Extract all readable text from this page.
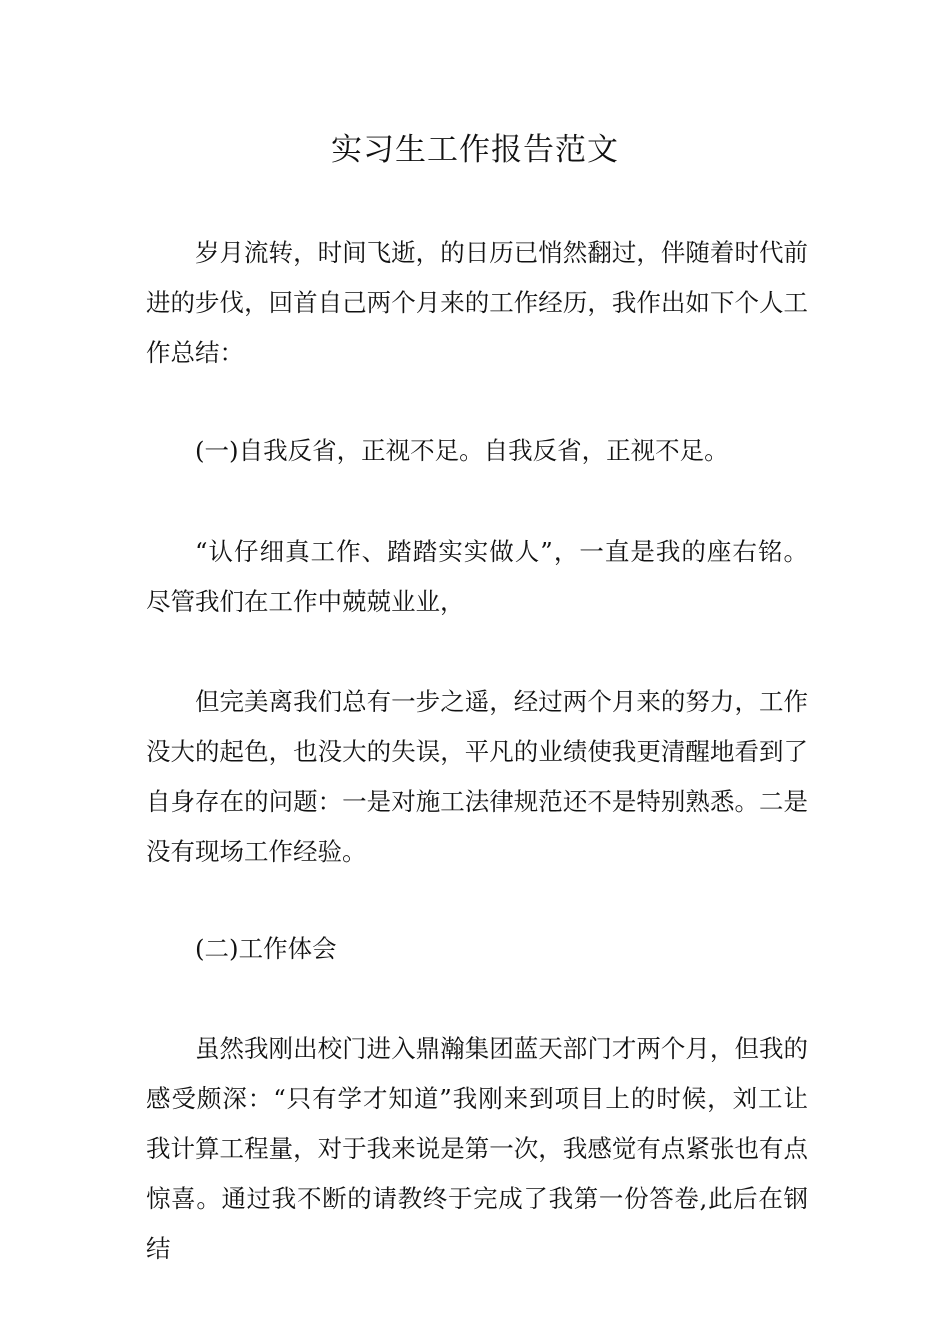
实习生工作报告范文

岁月流转，时间飞逝，的日历已悄然翻过，伴随着时代前进的步伐，回首自己两个月来的工作经历，我作出如下个人工作总结：

(一)自我反省，正视不足。自我反省，正视不足。

“认仔细真工作、踏踏实实做人”，一直是我的座右铭。尽管我们在工作中兢兢业业，

但完美离我们总有一步之遥，经过两个月来的努力，工作没大的起色，也没大的失误，平凡的业绩使我更清醒地看到了自身存在的问题：一是对施工法律规范还不是特别熟悉。二是没有现场工作经验。

(二)工作体会

虽然我刚出校门进入鼎瀚集团蓝天部门才两个月，但我的感受颇深：“只有学才知道”我刚来到项目上的时候，刘工让我计算工程量，对于我来说是第一次，我感觉有点紧张也有点惊喜。通过我不断的请教终于完成了我第一份答卷,此后在钢结
